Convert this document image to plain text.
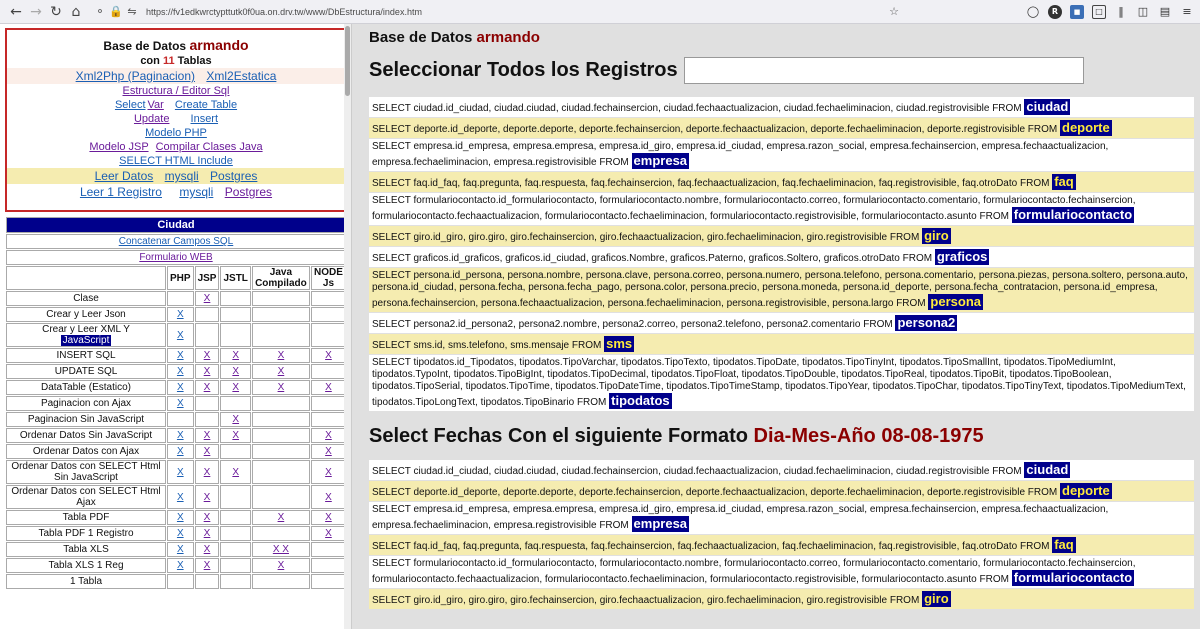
← → ↻ ⌂	⚬ 🔒 ⇋	https://fv1edkwrctypttutk0f0ua.on.drv.tw/www/DbEstructura/index.htm	☆	◯	R	■	□	‖	◫ ▤ ≡
Base de Datos armando
con 11 Tablas
Xml2Php (Paginacion) Xml2Estatica
Estructura / Editor Sql
Select Var Create Table
Update Insert
Modelo PHP
Modelo JSP Compilar Clases Java
SELECT HTML Include
Leer Datos mysqli Postgres
Leer 1 Registro mysqli Postgres
Ciudad					
Concatenar Campos SQL					
Formulario WEB					
	PHP	JSP	JSTL	Java Compilado	NODE Js
Clase		X			
Crear y Leer Json	X				
Crear y Leer XML Y
JavaScript	X				
INSERT SQL	X	X	X	X	X
UPDATE SQL	X	X	X	X	
DataTable (Estatico)	X	X	X	X	X
Paginacion con Ajax	X				
Paginacion Sin JavaScript			X		
Ordenar Datos Sin JavaScript	X	X	X		X
Ordenar Datos con Ajax	X	X			X
Ordenar Datos con SELECT Html Sin JavaScript	X	X	X		X
Ordenar Datos con SELECT Html Ajax	X	X			X
Tabla PDF	X	X		X	X
Tabla PDF 1 Registro	X	X			X
Tabla XLS	X	X		X X	
Tabla XLS 1 Reg	X	X		X	
1 Tabla					
Base de Datos armando
Seleccionar Todos los Registros
SELECT ciudad.id_ciudad, ciudad.ciudad, ciudad.fechainsercion, ciudad.fechaactualizacion, ciudad.fechaeliminacion, ciudad.registrovisible FROM ciudad
SELECT deporte.id_deporte, deporte.deporte, deporte.fechainsercion, deporte.fechaactualizacion, deporte.fechaeliminacion, deporte.registrovisible FROM deporte
SELECT empresa.id_empresa, empresa.empresa, empresa.id_giro, empresa.id_ciudad, empresa.razon_social, empresa.fechainsercion, empresa.fechaactualizacion, empresa.fechaeliminacion, empresa.registrovisible FROM empresa
SELECT faq.id_faq, faq.pregunta, faq.respuesta, faq.fechainsercion, faq.fechaactualizacion, faq.fechaeliminacion, faq.registrovisible, faq.otroDato FROM faq
SELECT formulariocontacto.id_formulariocontacto, formulariocontacto.nombre, formulariocontacto.correo, formulariocontacto.comentario, formulariocontacto.fechainsercion, formulariocontacto.fechaactualizacion, formulariocontacto.fechaeliminacion, formulariocontacto.registrovisible, formulariocontacto.asunto FROM formulariocontacto
SELECT giro.id_giro, giro.giro, giro.fechainsercion, giro.fechaactualizacion, giro.fechaeliminacion, giro.registrovisible FROM giro
SELECT graficos.id_graficos, graficos.id_ciudad, graficos.Nombre, graficos.Paterno, graficos.Soltero, graficos.otroDato FROM graficos
SELECT persona.id_persona, persona.nombre, persona.clave, persona.correo, persona.numero, persona.telefono, persona.comentario, persona.piezas, persona.soltero, persona.auto, persona.id_ciudad, persona.fecha, persona.fecha_pago, persona.color, persona.precio, persona.moneda, persona.id_deporte, persona.fecha_contratacion, persona.id_empresa, persona.fechainsercion, persona.fechaactualizacion, persona.fechaeliminacion, persona.registrovisible, persona.largo FROM persona
SELECT persona2.id_persona2, persona2.nombre, persona2.correo, persona2.telefono, persona2.comentario FROM persona2
SELECT sms.id, sms.telefono, sms.mensaje FROM sms
SELECT tipodatos.id_Tipodatos, tipodatos.TipoVarchar, tipodatos.TipoTexto, tipodatos.TipoDate, tipodatos.TipoTinyInt, tipodatos.TipoSmallInt, tipodatos.TipoMediumInt, tipodatos.TypoInt, tipodatos.TipoBigInt, tipodatos.TipoDecimal, tipodatos.TipoFloat, tipodatos.TipoDouble, tipodatos.TipoReal, tipodatos.TipoBit, tipodatos.TipoBoolean, tipodatos.TipoSerial, tipodatos.TipoTime, tipodatos.TipoDateTime, tipodatos.TipoTimeStamp, tipodatos.TipoYear, tipodatos.TipoChar, tipodatos.TipoTinyText, tipodatos.TipoMediumText, tipodatos.TipoLongText, tipodatos.TipoBinario FROM tipodatos
Select Fechas Con el siguiente Formato Dia-Mes-Año 08-08-1975
SELECT ciudad.id_ciudad, ciudad.ciudad, ciudad.fechainsercion, ciudad.fechaactualizacion, ciudad.fechaeliminacion, ciudad.registrovisible FROM ciudad
SELECT deporte.id_deporte, deporte.deporte, deporte.fechainsercion, deporte.fechaactualizacion, deporte.fechaeliminacion, deporte.registrovisible FROM deporte
SELECT empresa.id_empresa, empresa.empresa, empresa.id_giro, empresa.id_ciudad, empresa.razon_social, empresa.fechainsercion, empresa.fechaactualizacion, empresa.fechaeliminacion, empresa.registrovisible FROM empresa
SELECT faq.id_faq, faq.pregunta, faq.respuesta, faq.fechainsercion, faq.fechaactualizacion, faq.fechaeliminacion, faq.registrovisible, faq.otroDato FROM faq
SELECT formulariocontacto.id_formulariocontacto, formulariocontacto.nombre, formulariocontacto.correo, formulariocontacto.comentario, formulariocontacto.fechainsercion, formulariocontacto.fechaactualizacion, formulariocontacto.fechaeliminacion, formulariocontacto.registrovisible, formulariocontacto.asunto FROM formulariocontacto
SELECT giro.id_giro, giro.giro, giro.fechainsercion, giro.fechaactualizacion, giro.fechaeliminacion, giro.registrovisible FROM giro
